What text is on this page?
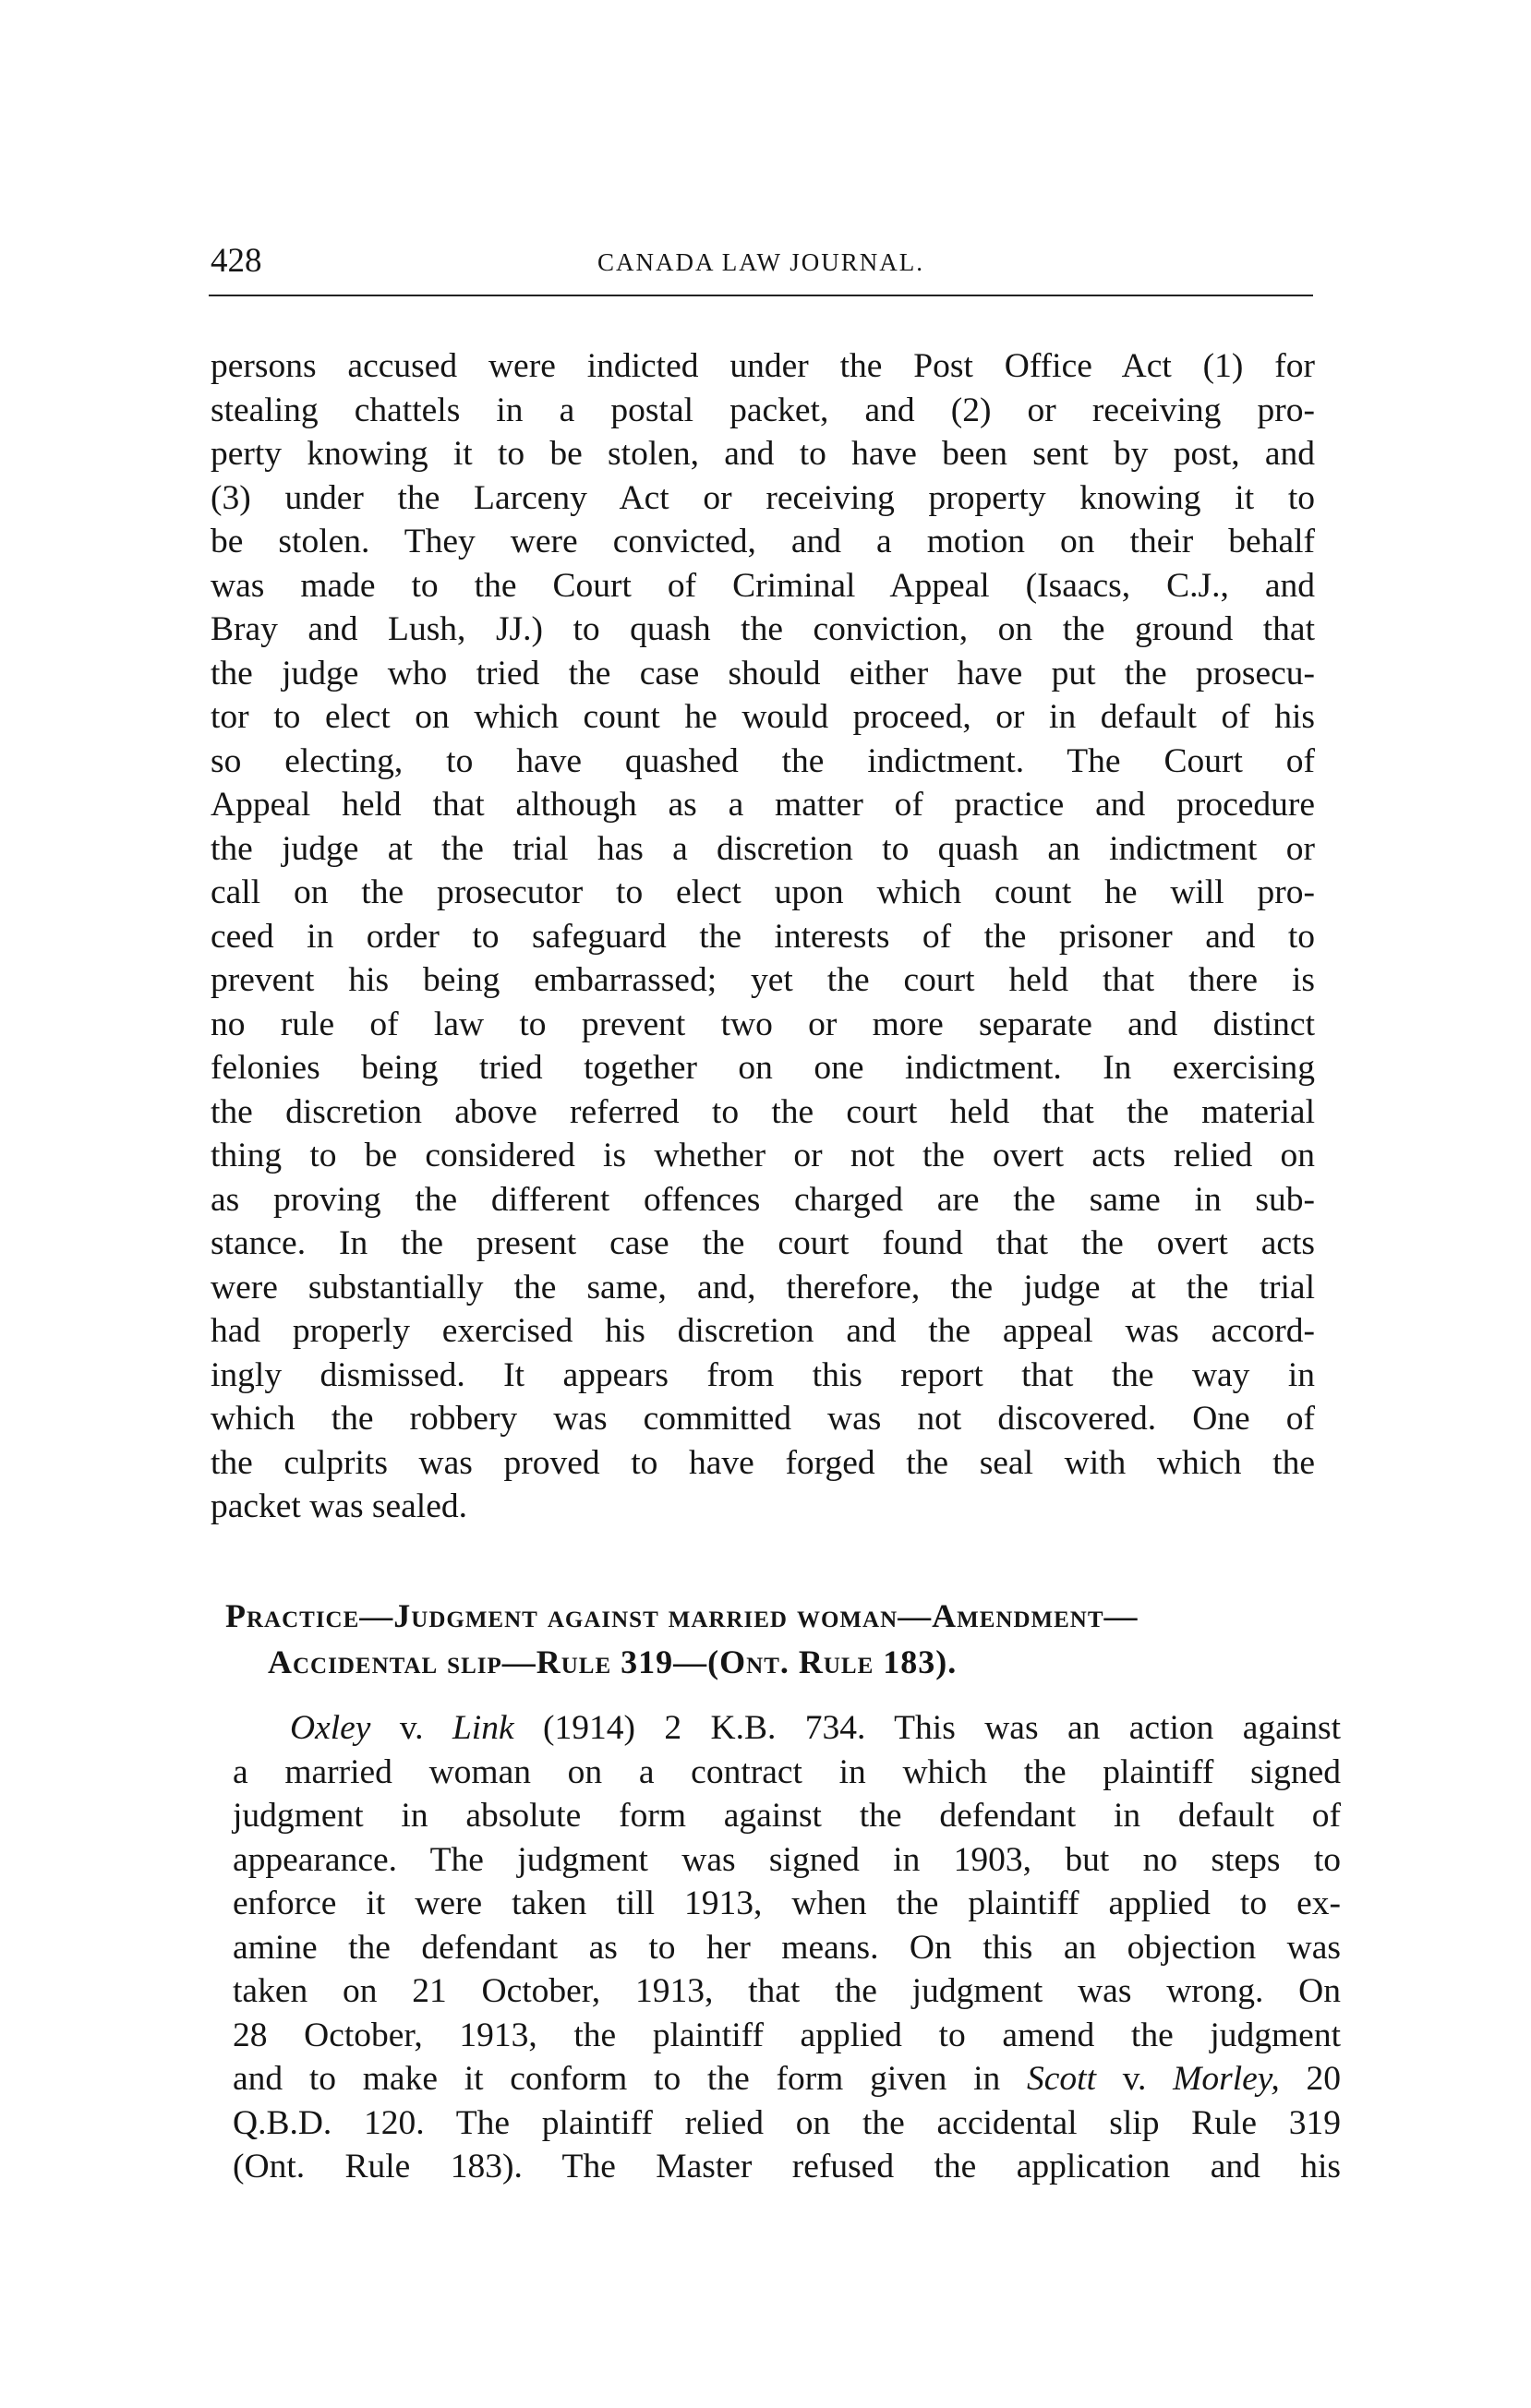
428	CANADA LAW JOURNAL.

persons accused were indicted under the Post Office Act (1) for
stealing chattels in a postal packet, and (2) or receiving pro-
perty knowing it to be stolen, and to have been sent by post, and
(3) under the Larceny Act or receiving property knowing it to
be stolen. They were convicted, and a motion on their behalf
was made to the Court of Criminal Appeal (Isaacs, C.J., and
Bray and Lush, JJ.) to quash the conviction, on the ground that
the judge who tried the case should either have put the prosecu-
tor to elect on which count he would proceed, or in default of his
so electing, to have quashed the indictment. The Court of
Appeal held that although as a matter of practice and procedure
the judge at the trial has a discretion to quash an indictment or
call on the prosecutor to elect upon which count he will pro-
ceed in order to safeguard the interests of the prisoner and to
prevent his being embarrassed; yet the court held that there is
no rule of law to prevent two or more separate and distinct
felonies being tried together on one indictment. In exercising
the discretion above referred to the court held that the material
thing to be considered is whether or not the overt acts relied on
as proving the different offences charged are the same in sub-
stance. In the present case the court found that the overt acts
were substantially the same, and, therefore, the judge at the trial
had properly exercised his discretion and the appeal was accord-
ingly dismissed. It appears from this report that the way in
which the robbery was committed was not discovered. One of
the culprits was proved to have forged the seal with which the
packet was sealed.

Practice—Judgment against married woman—Amendment—
Accidental slip—Rule 319—(Ont. Rule 183).

Oxley v. Link (1914) 2 K.B. 734. This was an action against
a married woman on a contract in which the plaintiff signed
judgment in absolute form against the defendant in default of
appearance. The judgment was signed in 1903, but no steps to
enforce it were taken till 1913, when the plaintiff applied to ex-
amine the defendant as to her means. On this an objection was
taken on 21 October, 1913, that the judgment was wrong. On
28 October, 1913, the plaintiff applied to amend the judgment
and to make it conform to the form given in Scott v. Morley, 20
Q.B.D. 120. The plaintiff relied on the accidental slip Rule 319
(Ont. Rule 183). The Master refused the application and his
